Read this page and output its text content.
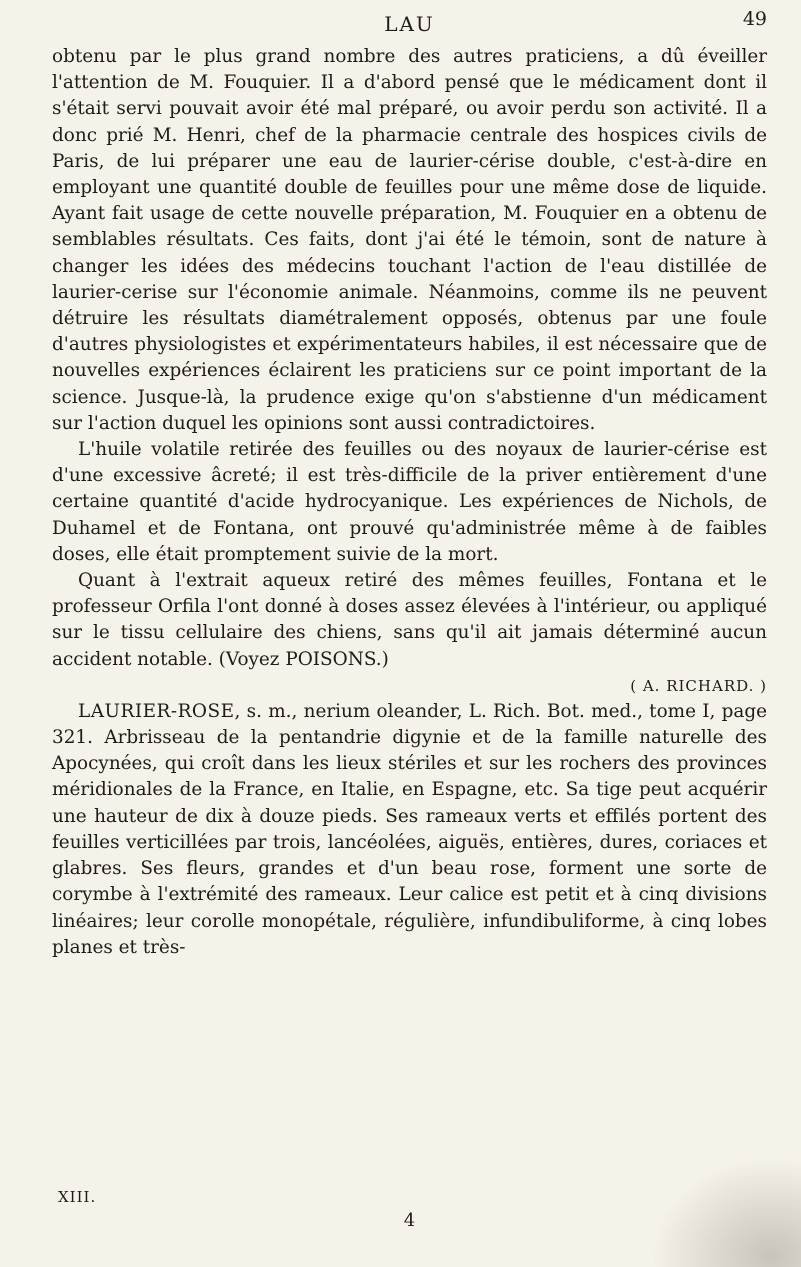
LAU	49

obtenu par le plus grand nombre des autres praticiens, a dû éveiller l'attention de M. Fouquier. Il a d'abord pensé que le médicament dont il s'était servi pouvait avoir été mal préparé, ou avoir perdu son activité. Il a donc prié M. Henri, chef de la pharmacie centrale des hospices civils de Paris, de lui préparer une eau de laurier-cérise double, c'est-à-dire en employant une quantité double de feuilles pour une même dose de liquide. Ayant fait usage de cette nouvelle préparation, M. Fouquier en a obtenu de semblables résultats. Ces faits, dont j'ai été le témoin, sont de nature à changer les idées des médecins touchant l'action de l'eau distillée de laurier-cerise sur l'économie animale. Néanmoins, comme ils ne peuvent détruire les résultats diamétralement opposés, obtenus par une foule d'autres physiologistes et expérimentateurs habiles, il est nécessaire que de nouvelles expériences éclairent les praticiens sur ce point important de la science. Jusque-là, la prudence exige qu'on s'abstienne d'un médicament sur l'action duquel les opinions sont aussi contradictoires.

L'huile volatile retirée des feuilles ou des noyaux de laurier-cérise est d'une excessive âcreté; il est très-difficile de la priver entièrement d'une certaine quantité d'acide hydrocyanique. Les expériences de Nichols, de Duhamel et de Fontana, ont prouvé qu'administrée même à de faibles doses, elle était promptement suivie de la mort.

Quant à l'extrait aqueux retiré des mêmes feuilles, Fontana et le professeur Orfila l'ont donné à doses assez élevées à l'intérieur, ou appliqué sur le tissu cellulaire des chiens, sans qu'il ait jamais déterminé aucun accident notable. (Voyez POISONS.)

( A. RICHARD. )

LAURIER-ROSE, s. m., nerium oleander, L. Rich. Bot. med., tome I, page 321. Arbrisseau de la pentandrie digynie et de la famille naturelle des Apocynées, qui croît dans les lieux stériles et sur les rochers des provinces méridionales de la France, en Italie, en Espagne, etc. Sa tige peut acquérir une hauteur de dix à douze pieds. Ses rameaux verts et effilés portent des feuilles verticillées par trois, lancéolées, aiguës, entières, dures, coriaces et glabres. Ses fleurs, grandes et d'un beau rose, forment une sorte de corymbe à l'extrémité des rameaux. Leur calice est petit et à cinq divisions linéaires; leur corolle monopétale, régulière, infundibuliforme, à cinq lobes planes et très-

XIII.
4
